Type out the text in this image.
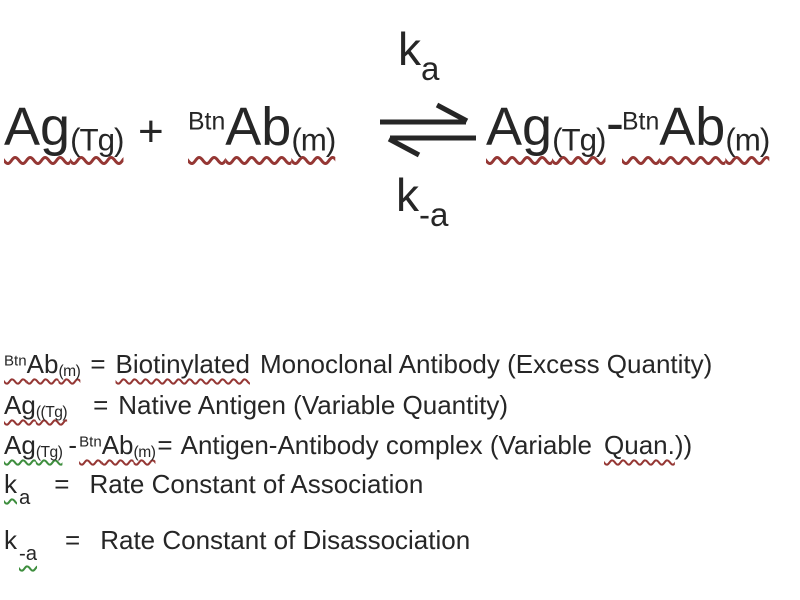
Ag(Tg) + $^{Btn}$Ab(m)
$k_a$
$k_{-a}$
Ag(Tg) -
$^{Btn}$Ab(m)
$^{Btn}$Ab(m) = Biotinylated Monoclonal Antibody (Excess Quantity)
Ag((Tg) = Native Antigen (Variable Quantity)
Ag(Tg) - $^{Btn}$Ab(m)= Antigen-Antibody complex (Variable Quan.))
$k_a$ = Rate Constant of Association
$k_{-a}$ = Rate Constant of Disassociation
